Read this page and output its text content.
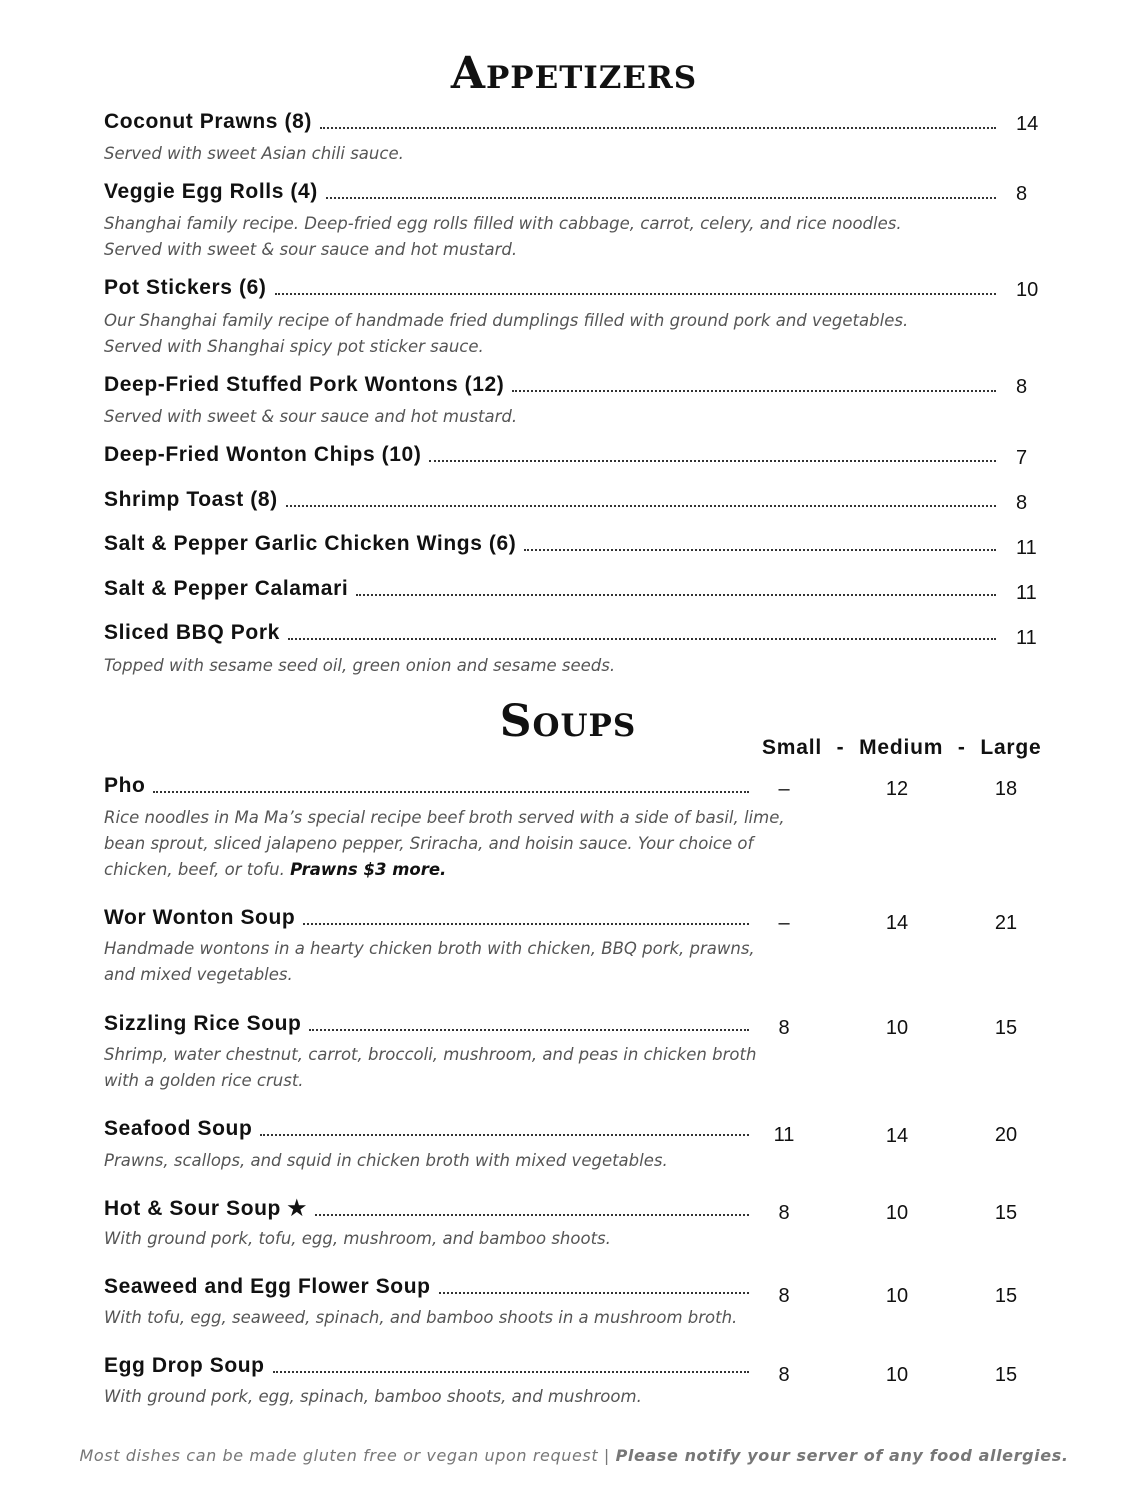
Appetizers
Coconut Prawns (8)	14
Served with sweet Asian chili sauce.
Veggie Egg Rolls (4)	8
Shanghai family recipe. Deep-fried egg rolls filled with cabbage, carrot, celery, and rice noodles.
Served with sweet & sour sauce and hot mustard.
Pot Stickers (6)	10
Our Shanghai family recipe of handmade fried dumplings filled with ground pork and vegetables.
Served with Shanghai spicy pot sticker sauce.
Deep-Fried Stuffed Pork Wontons (12)	8
Served with sweet & sour sauce and hot mustard.
Deep-Fried Wonton Chips (10)	7
Shrimp Toast (8)	8
Salt & Pepper Garlic Chicken Wings (6)	11
Salt & Pepper Calamari	11
Sliced BBQ Pork	11
Topped with sesame seed oil, green onion and sesame seeds.
Soups
Small - Medium - Large
Pho	–	12	18
Rice noodles in Ma Ma’s special recipe beef broth served with a side of basil, lime,
bean sprout, sliced jalapeno pepper, Sriracha, and hoisin sauce. Your choice of
chicken, beef, or tofu. Prawns $3 more.
Wor Wonton Soup	–	14	21
Handmade wontons in a hearty chicken broth with chicken, BBQ pork, prawns,
and mixed vegetables.
Sizzling Rice Soup	8	10	15
Shrimp, water chestnut, carrot, broccoli, mushroom, and peas in chicken broth
with a golden rice crust.
Seafood Soup	11	14	20
Prawns, scallops, and squid in chicken broth with mixed vegetables.
Hot & Sour Soup ★	8	10	15
With ground pork, tofu, egg, mushroom, and bamboo shoots.
Seaweed and Egg Flower Soup	8	10	15
With tofu, egg, seaweed, spinach, and bamboo shoots in a mushroom broth.
Egg Drop Soup	8	10	15
With ground pork, egg, spinach, bamboo shoots, and mushroom.
Most dishes can be made gluten free or vegan upon request | Please notify your server of any food allergies.
